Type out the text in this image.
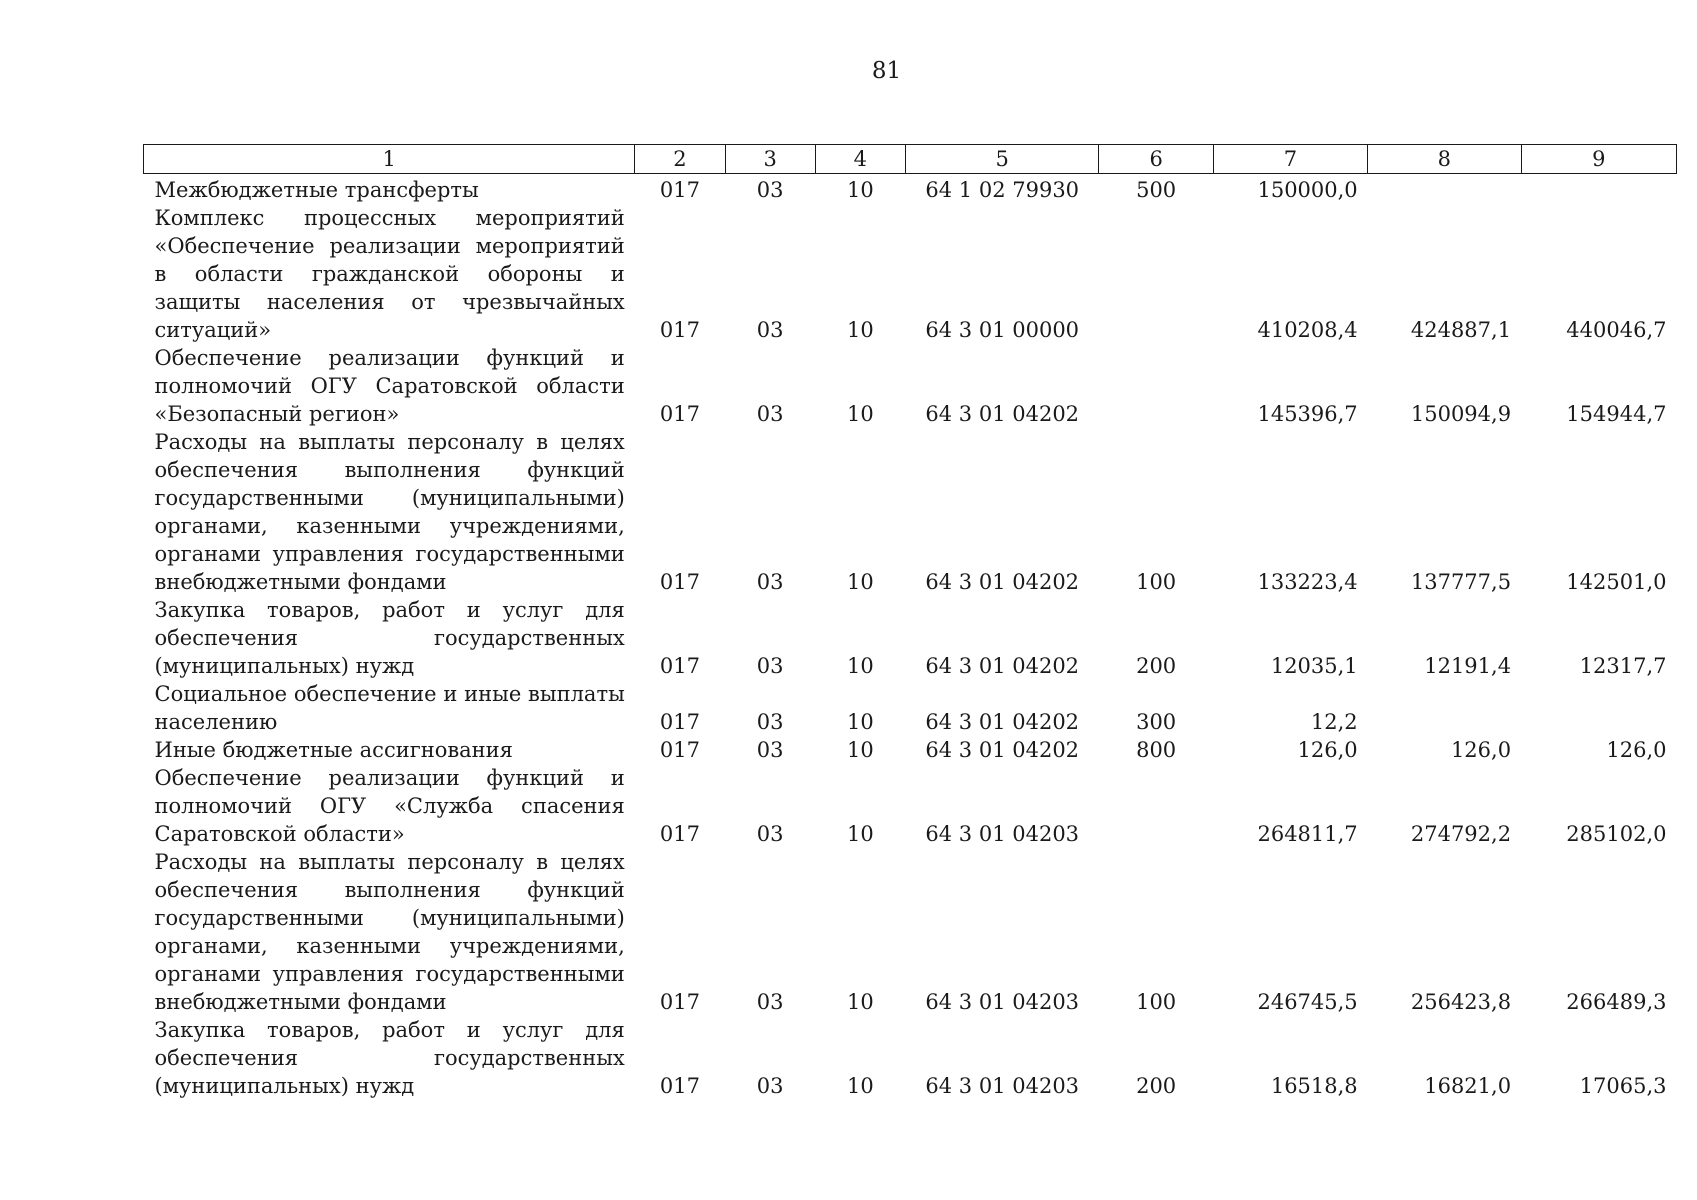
81
1	2	3	4	5	6	7	8	9
Межбюджетные трансферты	017	03	10	64 1 02 79930	500	150000,0		
Комплекс процессных мероприятий «Обеспечение реализации мероприятий в области гражданской обороны и защиты населения от чрезвычайных ситуаций»	017	03	10	64 3 01 00000		410208,4	424887,1	440046,7
Обеспечение реализации функций и полномочий ОГУ Саратовской области «Безопасный регион»	017	03	10	64 3 01 04202		145396,7	150094,9	154944,7
Расходы на выплаты персоналу в целях обеспечения выполнения функций государственными (муниципальными) органами, казенными учреждениями, органами управления государственными внебюджетными фондами	017	03	10	64 3 01 04202	100	133223,4	137777,5	142501,0
Закупка товаров, работ и услуг для обеспечения государственных (муниципальных) нужд	017	03	10	64 3 01 04202	200	12035,1	12191,4	12317,7
Социальное обеспечение и иные выплаты населению	017	03	10	64 3 01 04202	300	12,2		
Иные бюджетные ассигнования	017	03	10	64 3 01 04202	800	126,0	126,0	126,0
Обеспечение реализации функций и полномочий ОГУ «Служба спасения Саратовской области»	017	03	10	64 3 01 04203		264811,7	274792,2	285102,0
Расходы на выплаты персоналу в целях обеспечения выполнения функций государственными (муниципальными) органами, казенными учреждениями, органами управления государственными внебюджетными фондами	017	03	10	64 3 01 04203	100	246745,5	256423,8	266489,3
Закупка товаров, работ и услуг для обеспечения государственных (муниципальных) нужд	017	03	10	64 3 01 04203	200	16518,8	16821,0	17065,3
